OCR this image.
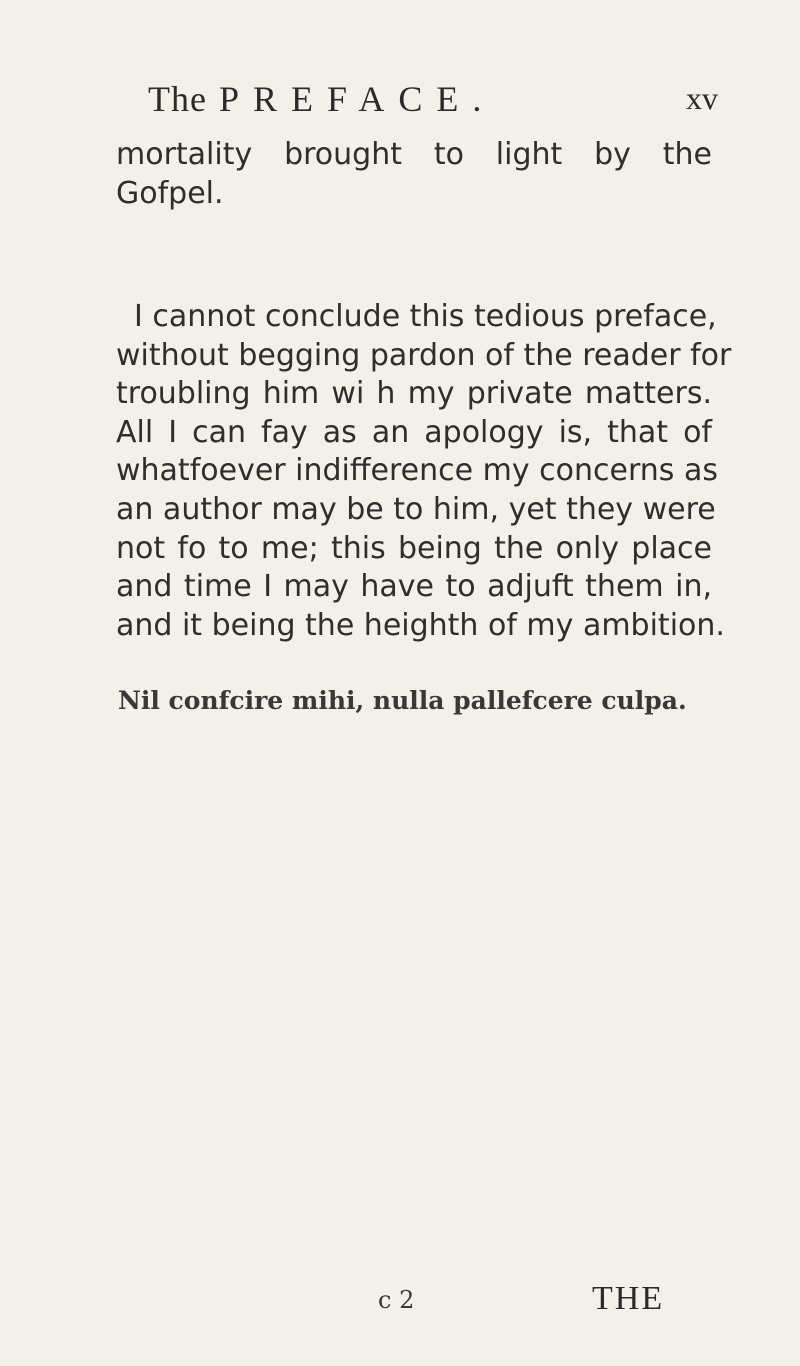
The PREFACE.	xv
mortality brought to light by the
Gofpel.
I cannot conclude this tedious preface,
without begging pardon of the reader for
troubling him wi h my private matters.
All I can fay as an apology is, that of
whatfoever indifference my concerns as
an author may be to him, yet they were
not fo to me; this being the only place
and time I may have to adjuft them in,
and it being the heighth of my ambition.
Nil confcire mihi, nulla pallefcere culpa.
c 2	THE
